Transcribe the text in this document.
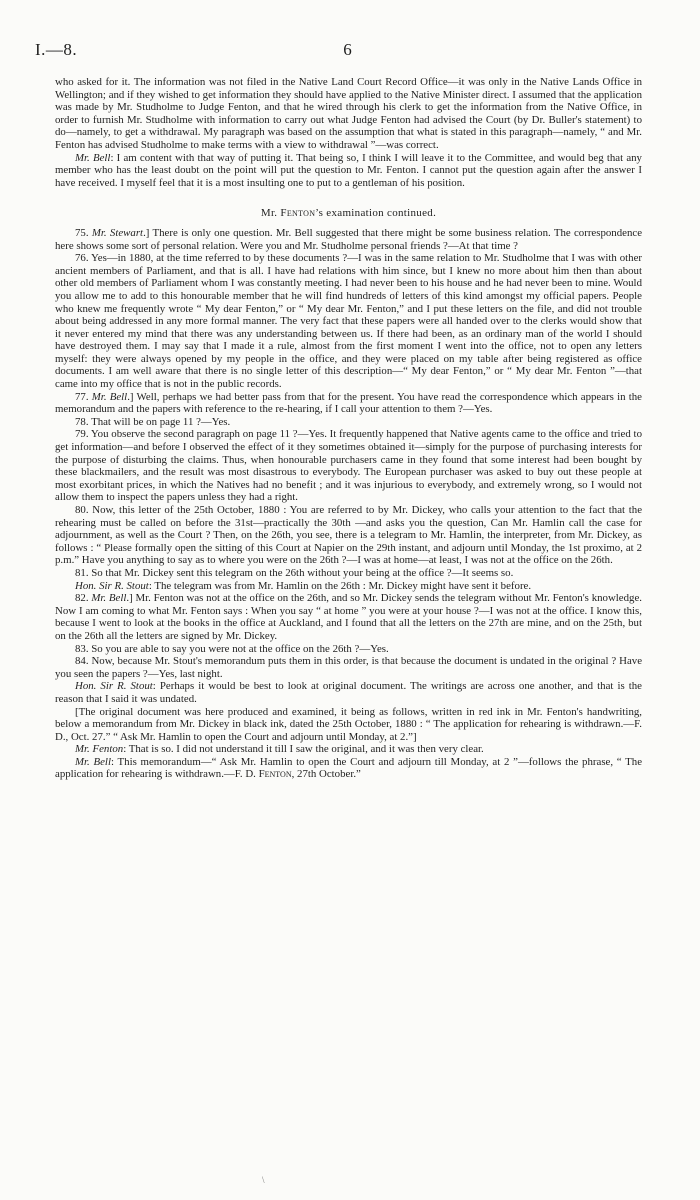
I.—8.	6

who asked for it. The information was not filed in the Native Land Court Record Office—it was only in the Native Lands Office in Wellington; and if they wished to get information they should have applied to the Native Minister direct. I assumed that the application was made by Mr. Studholme to Judge Fenton, and that he wired through his clerk to get the information from the Native Office, in order to furnish Mr. Studholme with information to carry out what Judge Fenton had advised the Court (by Dr. Buller's statement) to do—namely, to get a withdrawal. My paragraph was based on the assumption that what is stated in this paragraph—namely, “ and Mr. Fenton has advised Studholme to make terms with a view to withdrawal ”—was correct.

Mr. Bell: I am content with that way of putting it. That being so, I think I will leave it to the Committee, and would beg that any member who has the least doubt on the point will put the question to Mr. Fenton. I cannot put the question again after the answer I have received. I myself feel that it is a most insulting one to put to a gentleman of his position.

Mr. Fenton’s examination continued.

75. Mr. Stewart.] There is only one question. Mr. Bell suggested that there might be some business relation. The correspondence here shows some sort of personal relation. Were you and Mr. Studholme personal friends ?—At that time ?

76. Yes—in 1880, at the time referred to by these documents ?—I was in the same relation to Mr. Studholme that I was with other ancient members of Parliament, and that is all. I have had relations with him since, but I knew no more about him then than about other old members of Parliament whom I was constantly meeting. I had never been to his house and he had never been to mine. Would you allow me to add to this honourable member that he will find hundreds of letters of this kind amongst my official papers. People who knew me frequently wrote “ My dear Fenton,” or “ My dear Mr. Fenton,” and I put these letters on the file, and did not trouble about being addressed in any more formal manner. The very fact that these papers were all handed over to the clerks would show that it never entered my mind that there was any understanding between us. If there had been, as an ordinary man of the world I should have destroyed them. I may say that I made it a rule, almost from the first moment I went into the office, not to open any letters myself: they were always opened by my people in the office, and they were placed on my table after being registered as office documents. I am well aware that there is no single letter of this description—“ My dear Fenton,” or “ My dear Mr. Fenton ”—that came into my office that is not in the public records.

77. Mr. Bell.] Well, perhaps we had better pass from that for the present. You have read the correspondence which appears in the memorandum and the papers with reference to the re-hearing, if I call your attention to them ?—Yes.

78. That will be on page 11 ?—Yes.

79. You observe the second paragraph on page 11 ?—Yes. It frequently happened that Native agents came to the office and tried to get information—and before I observed the effect of it they sometimes obtained it—simply for the purpose of purchasing interests for the purpose of disturbing the claims. Thus, when honourable purchasers came in they found that some interest had been bought by these blackmailers, and the result was most disastrous to everybody. The European purchaser was asked to buy out these people at most exorbitant prices, in which the Natives had no benefit ; and it was injurious to everybody, and extremely wrong, so I would not allow them to inspect the papers unless they had a right.

80. Now, this letter of the 25th October, 1880 : You are referred to by Mr. Dickey, who calls your attention to the fact that the rehearing must be called on before the 31st—practically the 30th —and asks you the question, Can Mr. Hamlin call the case for adjournment, as well as the Court ? Then, on the 26th, you see, there is a telegram to Mr. Hamlin, the interpreter, from Mr. Dickey, as follows : “ Please formally open the sitting of this Court at Napier on the 29th instant, and adjourn until Monday, the 1st proximo, at 2 p.m.” Have you anything to say as to where you were on the 26th ?—I was at home—at least, I was not at the office on the 26th.

81. So that Mr. Dickey sent this telegram on the 26th without your being at the office ?—It seems so.

Hon. Sir R. Stout: The telegram was from Mr. Hamlin on the 26th : Mr. Dickey might have sent it before.

82. Mr. Bell.] Mr. Fenton was not at the office on the 26th, and so Mr. Dickey sends the telegram without Mr. Fenton's knowledge. Now I am coming to what Mr. Fenton says : When you say “ at home ” you were at your house ?—I was not at the office. I know this, because I went to look at the books in the office at Auckland, and I found that all the letters on the 27th are mine, and on the 25th, but on the 26th all the letters are signed by Mr. Dickey.

83. So you are able to say you were not at the office on the 26th ?—Yes.

84. Now, because Mr. Stout's memorandum puts them in this order, is that because the document is undated in the original ? Have you seen the papers ?—Yes, last night.

Hon. Sir R. Stout: Perhaps it would be best to look at original document. The writings are across one another, and that is the reason that I said it was undated.

[The original document was here produced and examined, it being as follows, written in red ink in Mr. Fenton's handwriting, below a memorandum from Mr. Dickey in black ink, dated the 25th October, 1880 : “ The application for rehearing is withdrawn.—F. D., Oct. 27.” “ Ask Mr. Hamlin to open the Court and adjourn until Monday, at 2.”]

Mr. Fenton: That is so. I did not understand it till I saw the original, and it was then very clear.

Mr. Bell: This memorandum—“ Ask Mr. Hamlin to open the Court and adjourn till Monday, at 2 ”—follows the phrase, “ The application for rehearing is withdrawn.—F. D. Fenton, 27th October.”

\
